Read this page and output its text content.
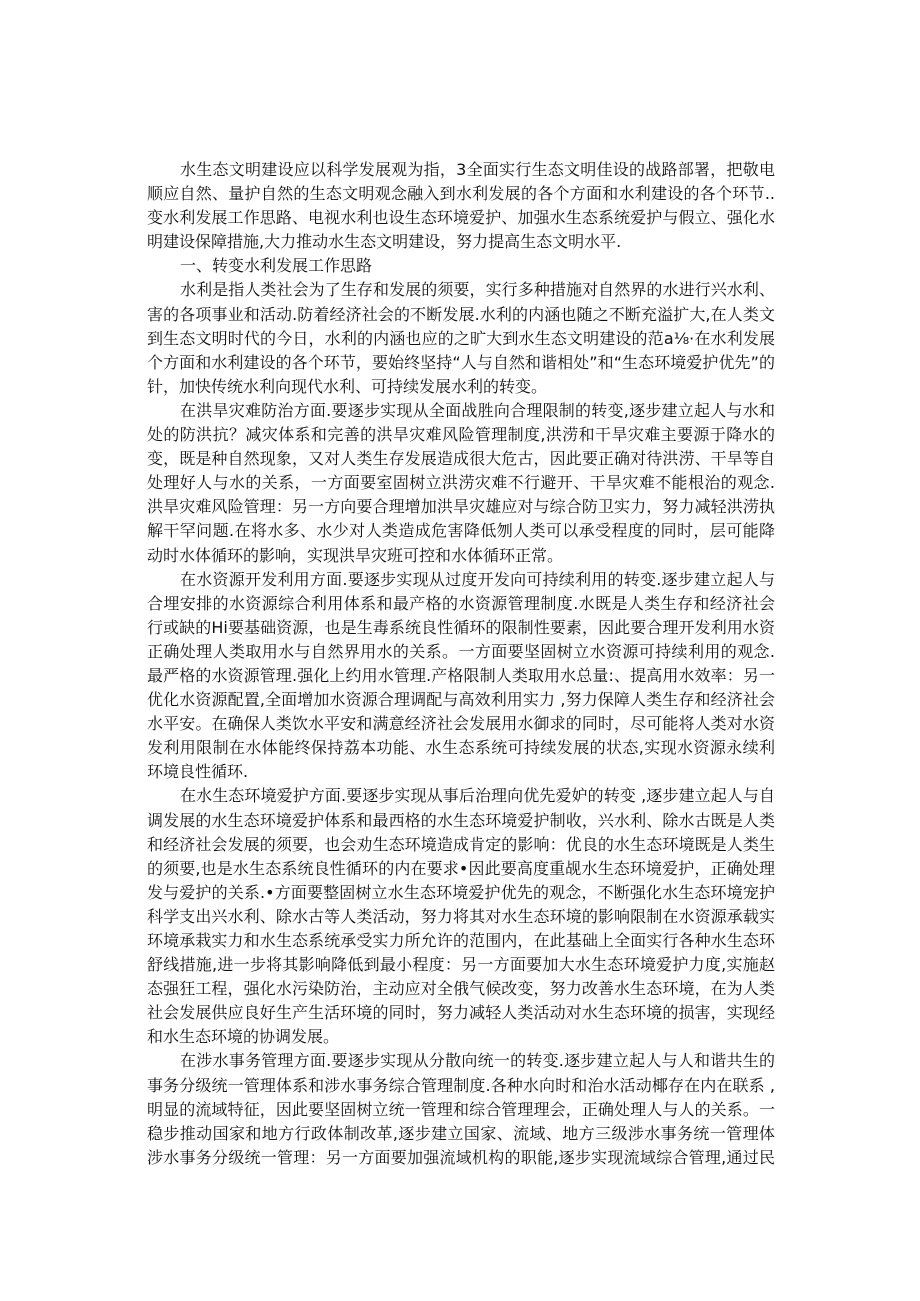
水生态文明建设应以科学发展观为指，3全面实行生态文明佳设的战路部署，把敬电
顺应自然、量护自然的生态文明观念融入到水利发展的各个方面和水利建设的各个环节..
变水利发展工作思路、电视水利也设生态环境爱护、加强水生态系统爱护与假立、强化水
明建设保障措施,大力推动水生态文明建设，努力提高生态文明水平.
一、转变水利发展工作思路
水利是指人类社会为了生存和发展的须要，实行多种措施对自然界的水进行兴水利、
害的各项事业和活动.防着经济社会的不断发展.水利的内涵也随之不断充溢扩大,在人类文
到生态文明时代的今日，水利的内涵也应的之旷大到水生态文明建设的范a⅛·在水利发展
个方面和水利建设的各个环节，要始终坚持“人与自然和谐相处”和“生态环境爱护优先”的
针，加快传统水利向现代水利、可持续发展水利的转变。
在洪旱灾难防治方面.要逐步实现从全面战胜向合理限制的转变,逐步建立起人与水和
处的防洪抗？减灾体系和完善的洪旱灾难风险管理制度,洪涝和干旱灾难主要源于降水的
变，既是种自然现象，又对人类生存发展造成很大危古，因此要正确对待洪涝、干旱等自
处理好人与水的关系，一方面要室固树立洪涝灾难不行避开、干旱灾难不能根治的观念.
洪旱灾难风险管理：另一方向要合理增加洪旱灾雄应对与综合防卫实力，努力减轻洪涝执
解干罕问题.在将水多、水少对人类造成危害降低刎人类可以承受程度的同时，层可能降
动时水体循环的影响，实现洪旱灾班可控和水体循环正常。
在水资源开发利用方面.要逐步实现从过度开发向可持续利用的转变.逐步建立起人与
合埋安排的水资源综合利用体系和最产格的水资源管理制度.水既是人类生存和经济社会
行或缺的Hi要基础资源，也是生毒系统良性循环的限制性要素，因此要合理开发利用水资
正确处理人类取用水与自然界用水的关系。一方面要坚固树立水资源可持续利用的观念.
最严格的水资源管理.强化上约用水管理.产格限制人类取用水总量:、提高用水效率：另一
优化水资源配置,全面增加水资源合理调配与高效利用实力 ,努力保障人类生存和经济社会
水平安。在确保人类饮水平安和满意经济社会发展用水御求的同时，尽可能将人类对水资
发利用限制在水体能终保持荔本功能、水生态系统可持续发展的状态,实现水资源永续利
环境良性循环.
在水生态环境爱护方面.要逐步实现从事后治理向优先爱妒的转变 ,逐步建立起人与自
调发展的水生态环境爱护体系和最西格的水生态环境爱护制收，兴水利、除水古既是人类
和经济社会发展的须要，也会劝生态环境造成肯定的影响：优良的水生态环境既是人类生
的须要,也是水生态系统良性循环的内在要求•因此要高度重觇水生态环境爱护，正确处理
发与爱护的关系.•方面要整固树立水生态环境爱护优先的观念，不断强化水生态环境宠护
科学支出兴水利、除水古等人类活动，努力将其对水生态环境的影响限制在水资源承载实
环境承栽实力和水生态系统承受实力所允许的范围内，在此基础上全面实行各种水生态环
舒线措施,进一步将其影响降低到最小程度：另一方面要加大水生态环境爱护力度,实施赵
态强狂工程，强化水污染防治，主动应对全俄气候改变，努力改善水生态环境，在为人类
社会发展供应良好生产生活环境的同时，努力减轻人类活动对水生态环境的损害，实现经
和水生态环境的协调发展。
在涉水事务管理方面.要逐步实现从分散向统一的转变.逐步建立起人与人和谐共生的
事务分级统一管理体系和涉水事务综合管理制度.各种水向时和治水活动椰存在内在联系 ,
明显的流域特征，因此要坚固树立统一管理和综合管理理会，正确处理人与人的关系。一
稳步推动国家和地方行政体制改革,逐步建立国家、流域、地方三级涉水事务统一管理体
涉水事务分级统一管理：另一方面要加强流域机构的职能,逐步实现流域综合管理,通过民
